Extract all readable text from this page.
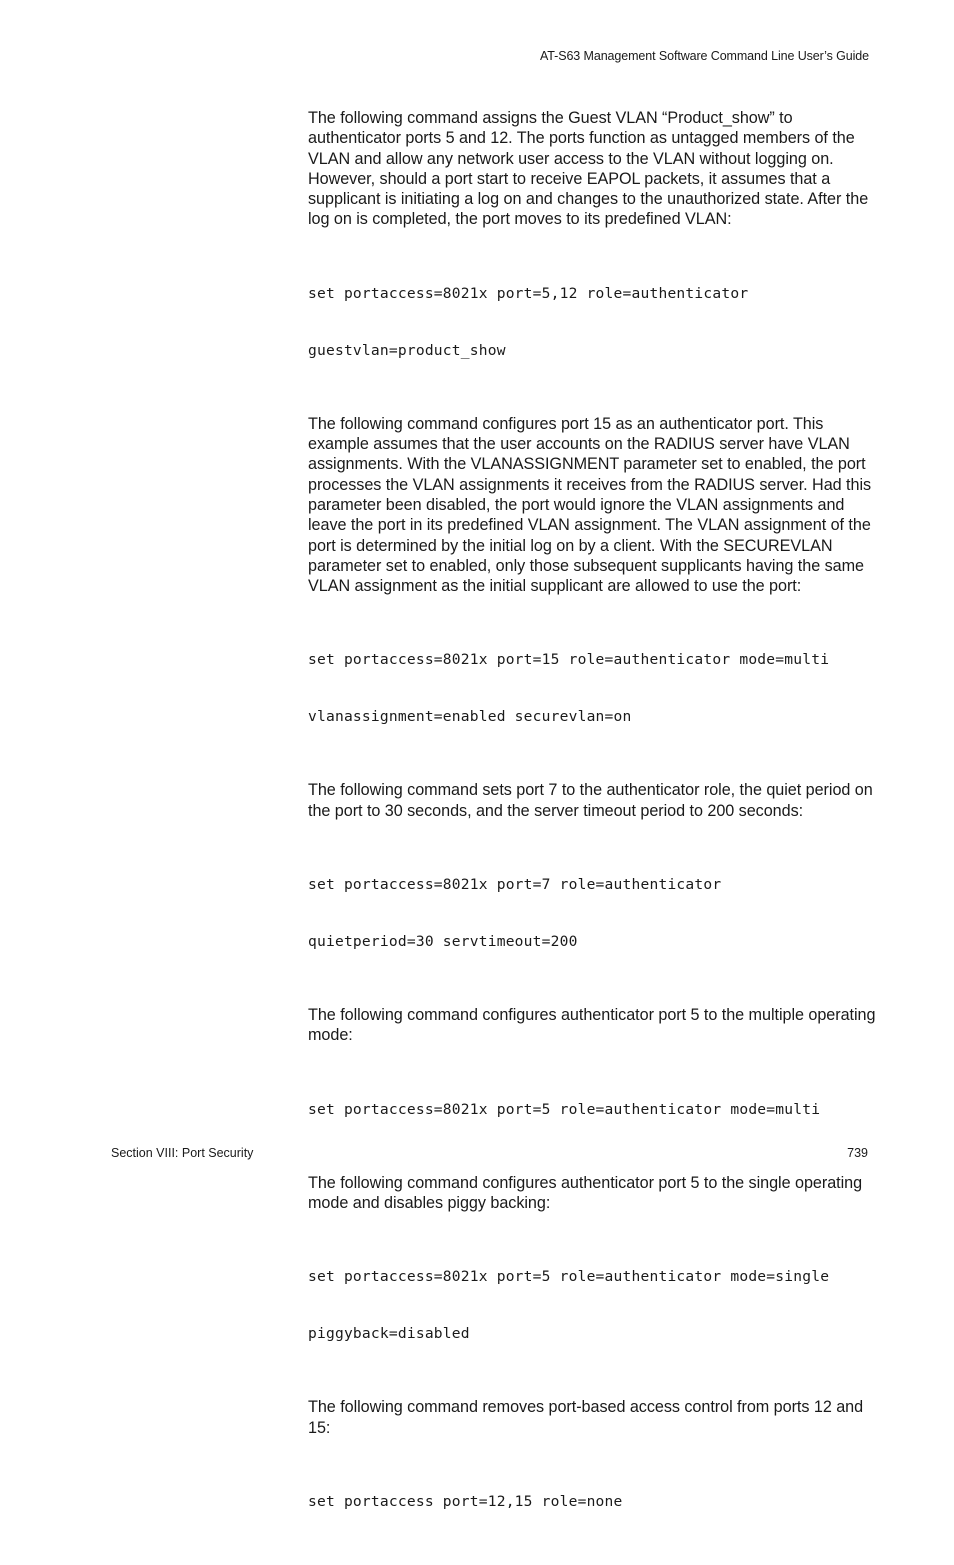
AT-S63 Management Software Command Line User’s Guide

The following command assigns the Guest VLAN “Product_show” to authenticator ports 5 and 12. The ports function as untagged members of the VLAN and allow any network user access to the VLAN without logging on. However, should a port start to receive EAPOL packets, it assumes that a supplicant is initiating a log on and changes to the unauthorized state. After the log on is completed, the port moves to its predefined VLAN:

set portaccess=8021x port=5,12 role=authenticator

guestvlan=product_show

The following command configures port 15 as an authenticator port. This example assumes that the user accounts on the RADIUS server have VLAN assignments. With the VLANASSIGNMENT parameter set to enabled, the port processes the VLAN assignments it receives from the RADIUS server. Had this parameter been disabled, the port would ignore the VLAN assignments and leave the port in its predefined VLAN assignment. The VLAN assignment of the port is determined by the initial log on by a client. With the SECUREVLAN parameter set to enabled, only those subsequent supplicants having the same VLAN assignment as the initial supplicant are allowed to use the port:

set portaccess=8021x port=15 role=authenticator mode=multi

vlanassignment=enabled securevlan=on

The following command sets port 7 to the authenticator role, the quiet period on the port to 30 seconds, and the server timeout period to 200 seconds:

set portaccess=8021x port=7 role=authenticator

quietperiod=30 servtimeout=200

The following command configures authenticator port 5 to the multiple operating mode:

set portaccess=8021x port=5 role=authenticator mode=multi

The following command configures authenticator port 5 to the single operating mode and disables piggy backing:

set portaccess=8021x port=5 role=authenticator mode=single

piggyback=disabled

The following command removes port-based access control from ports 12 and 15:

set portaccess port=12,15 role=none

Section VIII: Port Security	739
